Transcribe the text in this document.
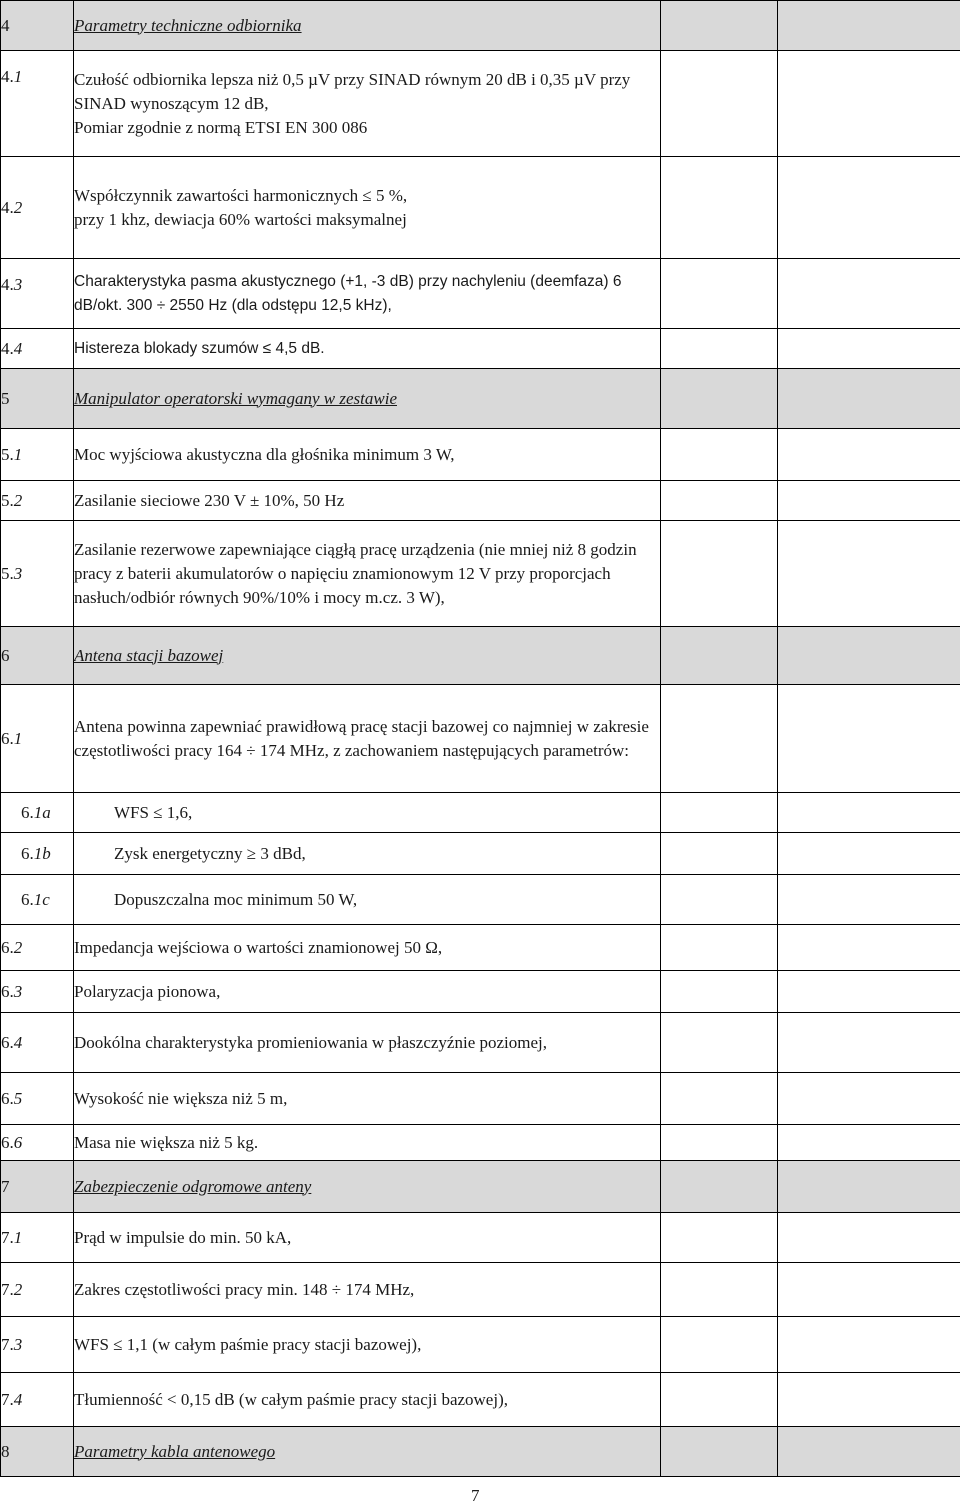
4	Parametry techniczne odbiornika		

4.1	Czułość odbiornika lepsza niż 0,5 µV przy SINAD równym 20 dB i 0,35 µV przy
SINAD wynoszącym 12 dB,
Pomiar zgodnie z normą ETSI EN 300 086		

4.2	Współczynnik zawartości harmonicznych ≤ 5 %,
przy 1 khz, dewiacja 60% wartości maksymalnej		

4.3	Charakterystyka pasma akustycznego (+1, -3 dB) przy nachyleniu (deemfaza) 6
dB/okt. 300 ÷ 2550 Hz (dla odstępu 12,5 kHz),		

4.4	Histereza blokady szumów ≤ 4,5 dB.		

5	Manipulator operatorski wymagany w zestawie		

5.1	Moc wyjściowa akustyczna dla głośnika minimum 3 W,		

5.2	Zasilanie sieciowe 230 V ± 10%, 50 Hz		

5.3	Zasilanie rezerwowe zapewniające ciągłą pracę urządzenia (nie mniej niż 8 godzin
pracy z baterii akumulatorów o napięciu znamionowym 12 V przy proporcjach
nasłuch/odbiór równych 90%/10% i mocy m.cz. 3 W),		

6	Antena stacji bazowej		

6.1	Antena powinna zapewniać prawidłową pracę stacji bazowej co najmniej w zakresie
częstotliwości pracy 164 ÷ 174 MHz, z zachowaniem następujących parametrów:		

6.1a	WFS ≤ 1,6,		

6.1b	Zysk energetyczny ≥ 3 dBd,		

6.1c	Dopuszczalna moc minimum 50 W,		

6.2	Impedancja wejściowa o wartości znamionowej 50 Ω,		

6.3	Polaryzacja pionowa,		

6.4	Dookólna charakterystyka promieniowania w płaszczyźnie poziomej,		

6.5	Wysokość nie większa niż 5 m,		

6.6	Masa nie większa niż 5 kg.		

7	Zabezpieczenie odgromowe anteny		

7.1	Prąd w impulsie do min. 50 kA,		

7.2	Zakres częstotliwości pracy min. 148 ÷ 174 MHz,		

7.3	WFS ≤ 1,1 (w całym paśmie pracy stacji bazowej),		

7.4	Tłumienność < 0,15 dB (w całym paśmie pracy stacji bazowej),		

8	Parametry kabla antenowego		

7
